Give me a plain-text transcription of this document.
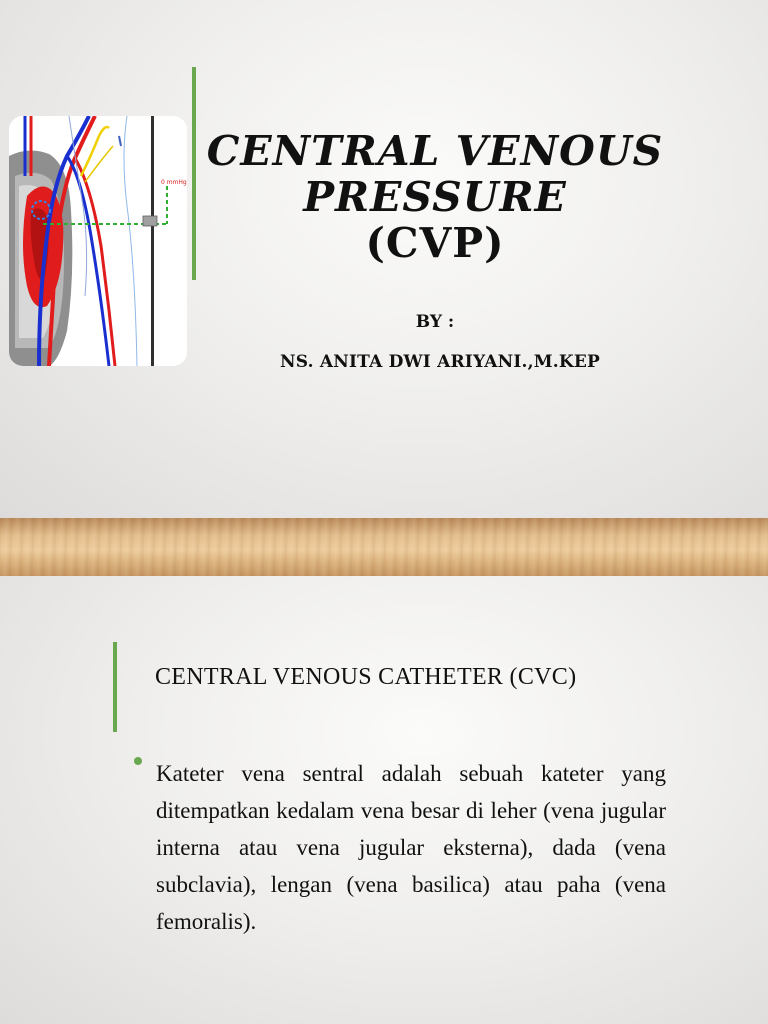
0 mmHg
CENTRAL VENOUS
PRESSURE
(CVP)
BY :
NS. ANITA DWI ARIYANI.,M.KEP
CENTRAL VENOUS CATHETER (CVC)
Kateter vena sentral adalah sebuah kateter yang ditempatkan kedalam vena besar di leher (vena jugular interna atau vena jugular eksterna), dada (vena subclavia), lengan (vena basilica) atau paha (vena femoralis).
